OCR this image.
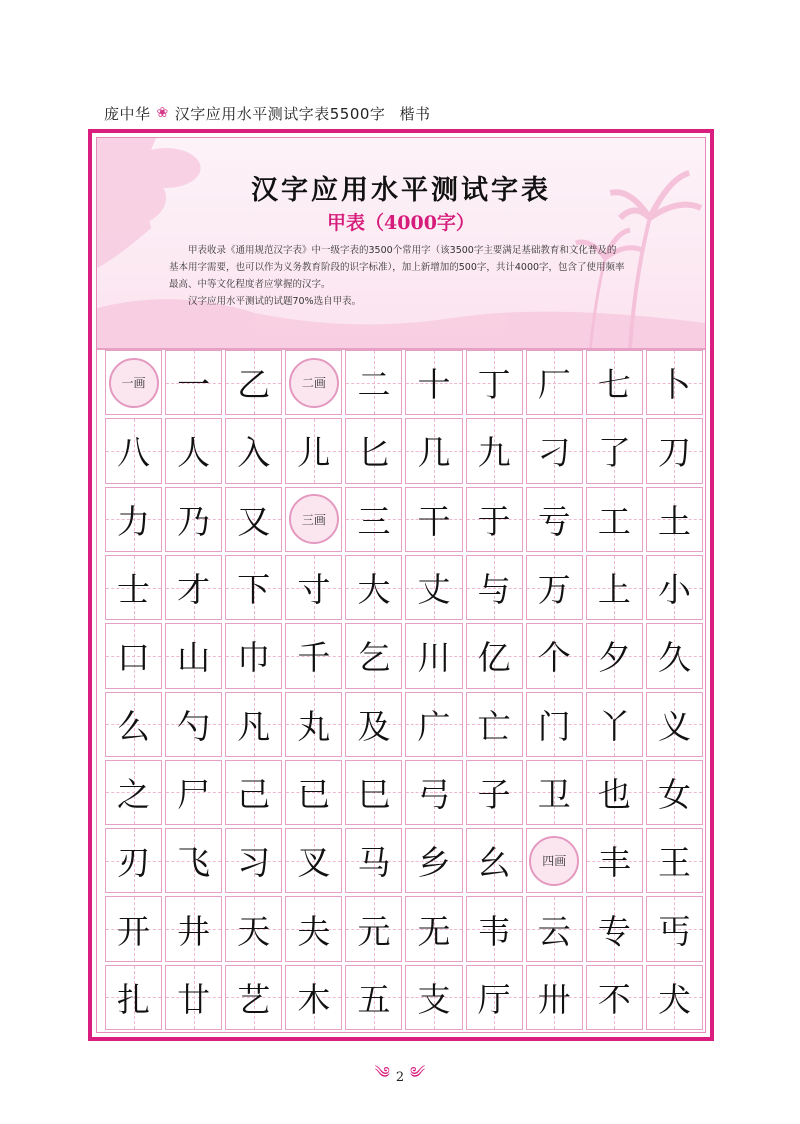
庞中华 ❀ 汉字应用水平测试字表5500字 楷书
汉字应用水平测试字表
甲表（4000字）

甲表收录《通用规范汉字表》中一级字表的3500个常用字（该3500字主要满足基础教育和文化普及的基本用字需要，也可以作为义务教育阶段的识字标准），加上新增加的500字，共计4000字，包含了使用频率最高、中等文化程度者应掌握的汉字。

汉字应用水平测试的试题70%选自甲表。

一画 一 乙	二画 二 十 丁 厂 七 卜
八 人 入 儿 匕 几 九 刁 了 刀
力 乃 又	三画 三 干 于 亏 工 土
士 才 下 寸 大 丈 与 万 上 小
口 山 巾 千 乞 川 亿 个 夕 久
么 勺 凡 丸 及 广 亡 门 丫 义
之 尸 己 已 巳 弓 子 卫 也 女
刃 飞 习 叉 马 乡 幺	四画 丰 王
开 井 天 夫 元 无 韦 云 专 丐
扎 廿 艺 木 五 支 厅 卅 不 犬
༄ 2 ༄
